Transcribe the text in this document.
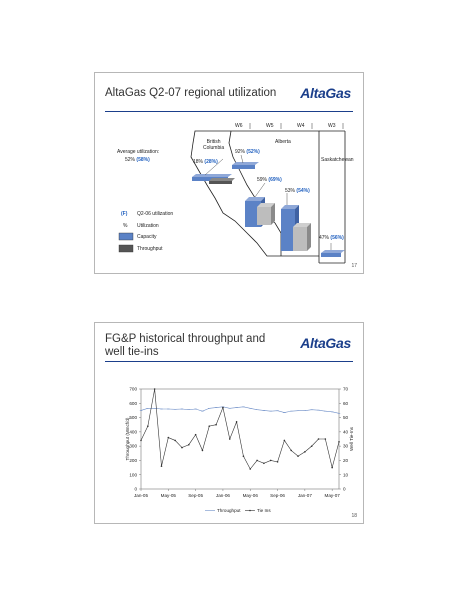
AltaGas Q2-07 regional utilization AltaGas
W6	W5	W4	W3
British
Columbia
Alberta
Saskatchewan
Average utilization:
52% (58%)
92% (52%)
18% (28%)
59% (69%)
53% (54%)
47% (56%)
(F) Q2-06 utilization
% Utilization
Capacity
Throughput
17
FG&P historical throughput and
well tie-ins
AltaGas
0
100
200
300
400
500
600
700
0
10
20
30
40
50
60
70
Jan-05	May-05	Sep-05	Jan-06	May-06	Sep-06	Jan-07	May-07
Throughput (Mmcf/d)	Well Tie-Ins
Throughput	Tie Ins
18
